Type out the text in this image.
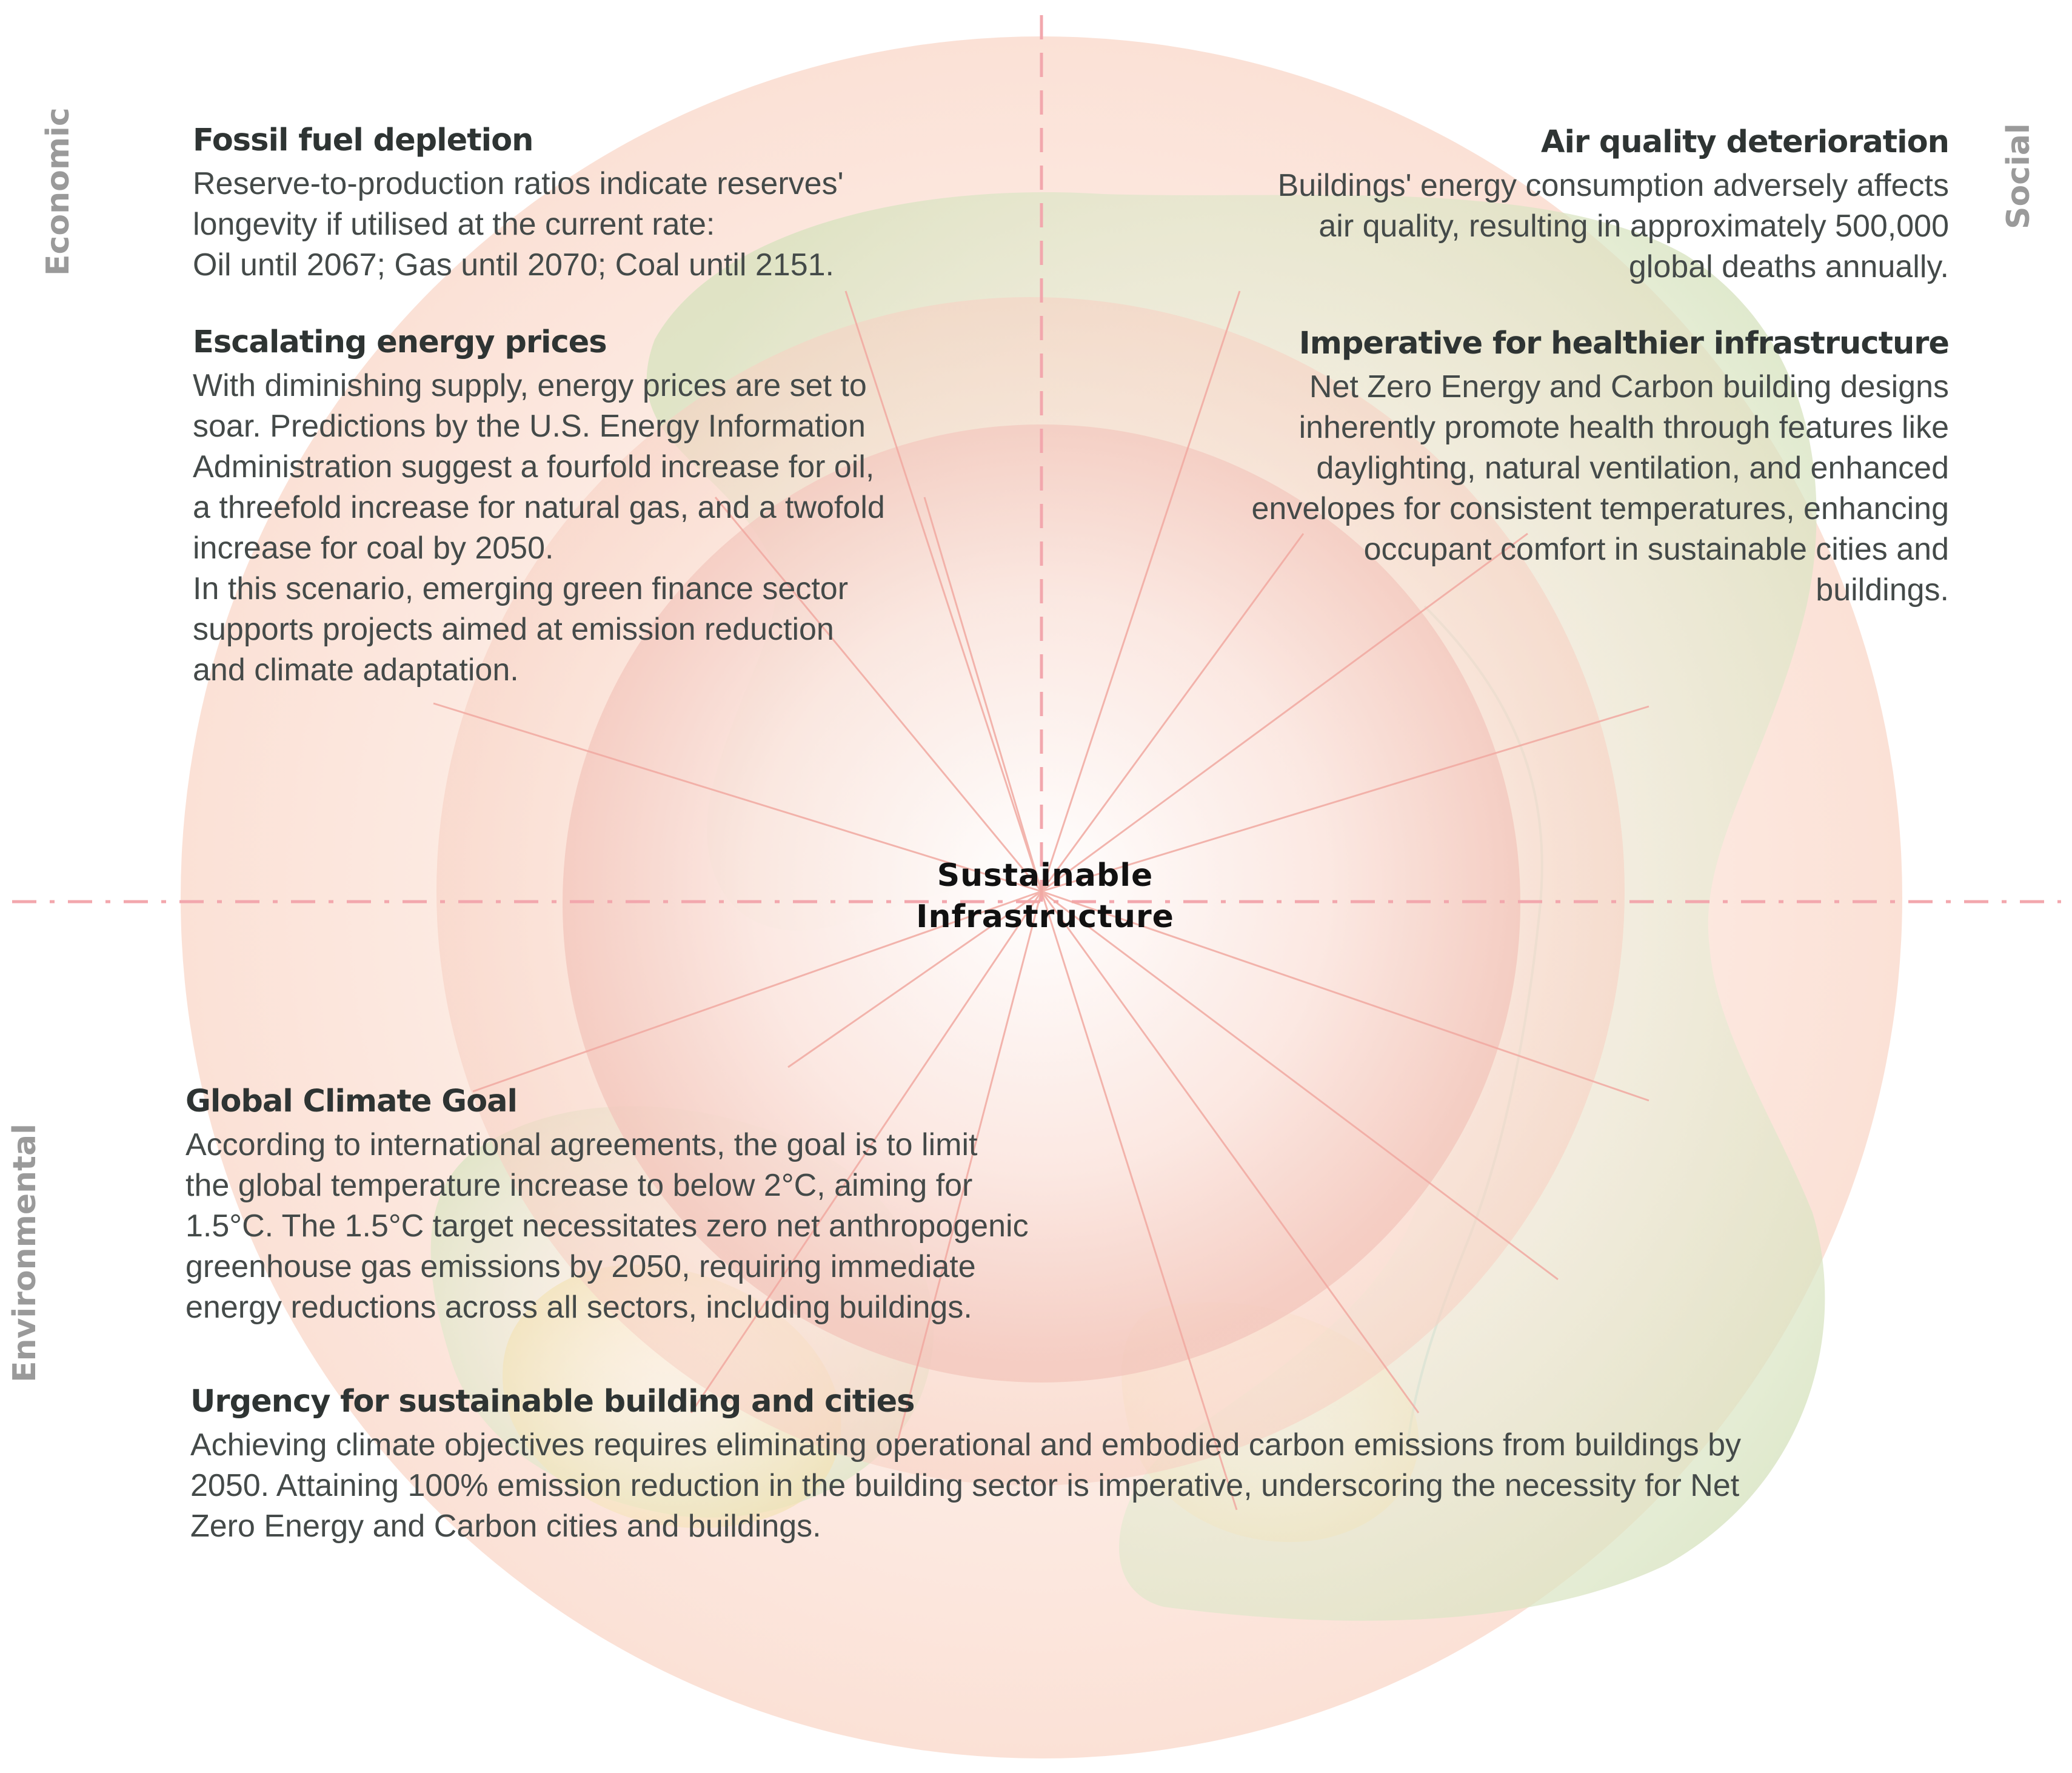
Economic	Social
Environmental
Sustainable
Infrastructure
Fossil fuel depletion

Reserve-to-production ratios indicate reserves'
longevity if utilised at the current rate:
Oil until 2067; Gas until 2070; Coal until 2151.

Escalating energy prices

With diminishing supply, energy prices are set to
soar. Predictions by the U.S. Energy Information
Administration suggest a fourfold increase for oil,
a threefold increase for natural gas, and a twofold
increase for coal by 2050.
In this scenario, emerging green finance sector
supports projects aimed at emission reduction
and climate adaptation.

Air quality deterioration

Buildings' energy consumption adversely affects
air quality, resulting in approximately 500,000
global deaths annually.

Imperative for healthier infrastructure

Net Zero Energy and Carbon building designs
inherently promote health through features like
daylighting, natural ventilation, and enhanced
envelopes for consistent temperatures, enhancing
occupant comfort in sustainable cities and
buildings.

Global Climate Goal

According to international agreements, the goal is to limit
the global temperature increase to below 2°C, aiming for
1.5°C. The 1.5°C target necessitates zero net anthropogenic
greenhouse gas emissions by 2050, requiring immediate
energy reductions across all sectors, including buildings.

Urgency for sustainable building and cities

Achieving climate objectives requires eliminating operational and embodied carbon emissions from buildings by
2050. Attaining 100% emission reduction in the building sector is imperative, underscoring the necessity for Net
Zero Energy and Carbon cities and buildings.
